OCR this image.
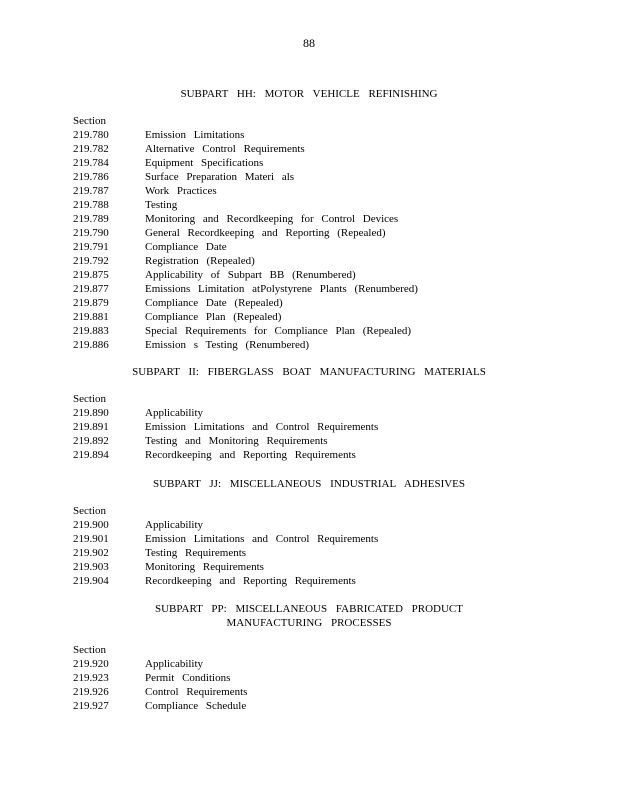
88
SUBPART HH: MOTOR VEHICLE REFINISHING
Section
219.780	Emission Limitations
219.782	Alternative Control Requirements
219.784	Equipment Specifications
219.786	Surface Preparation Materi als
219.787	Work Practices
219.788	Testing
219.789	Monitoring and Recordkeeping for Control Devices
219.790	General Recordkeeping and Reporting (Repealed)
219.791	Compliance Date
219.792	Registration (Repealed)
219.875	Applicability of Subpart BB (Renumbered)
219.877	Emissions Limitation atPolystyrene Plants (Renumbered)
219.879	Compliance Date (Repealed)
219.881	Compliance Plan (Repealed)
219.883	Special Requirements for Compliance Plan (Repealed)
219.886	Emission s Testing (Renumbered)
SUBPART II: FIBERGLASS BOAT MANUFACTURING MATERIALS
Section
219.890	Applicability
219.891	Emission Limitations and Control Requirements
219.892	Testing and Monitoring Requirements
219.894	Recordkeeping and Reporting Requirements
SUBPART JJ: MISCELLANEOUS INDUSTRIAL ADHESIVES
Section
219.900	Applicability
219.901	Emission Limitations and Control Requirements
219.902	Testing Requirements
219.903	Monitoring Requirements
219.904	Recordkeeping and Reporting Requirements
SUBPART PP: MISCELLANEOUS FABRICATED PRODUCT
MANUFACTURING PROCESSES
Section
219.920	Applicability
219.923	Permit Conditions
219.926	Control Requirements
219.927	Compliance Schedule
